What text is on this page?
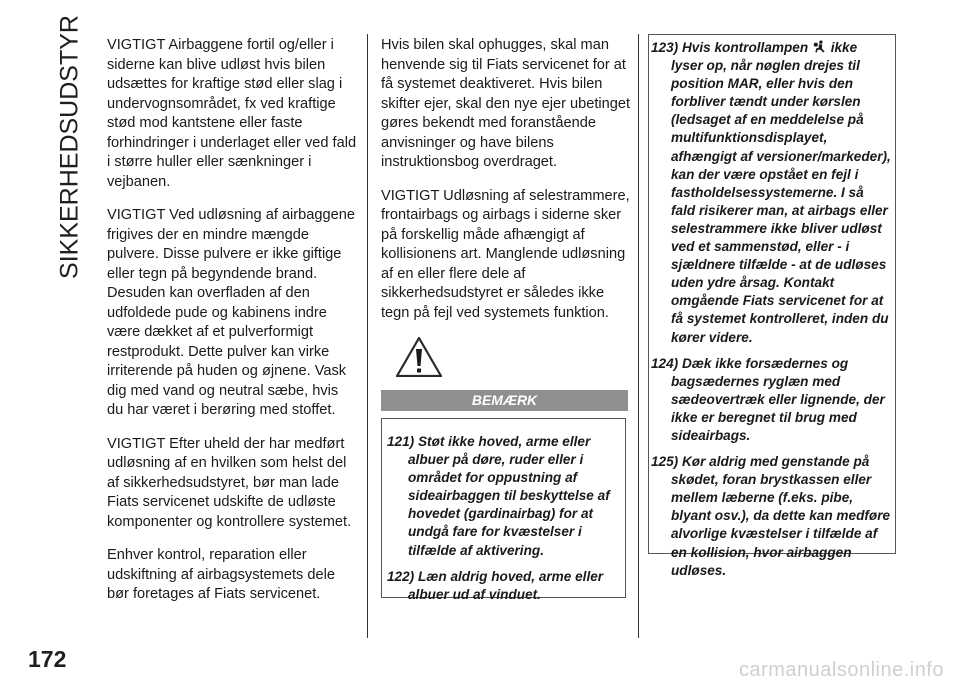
SIKKERHEDSUDSTYR VIGTIGT Airbaggene fortil og/eller i siderne kan blive udløst hvis bilen udsættes for kraftige stød eller slag i undervognsområdet, fx ved kraftige stød mod kantstene eller faste forhindringer i underlaget eller ved fald i større huller eller sænkninger i vejbanen.

VIGTIGT Ved udløsning af airbaggene frigives der en mindre mængde pulvere. Disse pulvere er ikke giftige eller tegn på begyndende brand. Desuden kan overfladen af den udfoldede pude og kabinens indre være dækket af et pulverformigt restprodukt. Dette pulver kan virke irriterende på huden og øjnene. Vask dig med vand og neutral sæbe, hvis du har været i berøring med stoffet.

VIGTIGT Efter uheld der har medført udløsning af en hvilken som helst del af sikkerhedsudstyret, bør man lade Fiats servicenet udskifte de udløste komponenter og kontrollere systemet.

Enhver kontrol, reparation eller udskiftning af airbagsystemets dele bør foretages af Fiats servicenet.

Hvis bilen skal ophugges, skal man henvende sig til Fiats servicenet for at få systemet deaktiveret. Hvis bilen skifter ejer, skal den nye ejer ubetinget gøres bekendt med foranstående anvisninger og have bilens instruktionsbog overdraget.

VIGTIGT Udløsning af selestrammere, frontairbags og airbags i siderne sker på forskellig måde afhængigt af kollisionens art. Manglende udløsning af en eller flere dele af sikkerhedsudstyret er således ikke tegn på fejl ved systemets funktion.

BEMÆRK

121) Støt ikke hoved, arme eller albuer på døre, ruder eller i området for oppustning af sideairbaggen til beskyttelse af hovedet (gardinairbag) for at undgå fare for kvæstelser i tilfælde af aktivering.

122) Læn aldrig hoved, arme eller albuer ud af vinduet.

123) Hvis kontrollampen ikke lyser op, når nøglen drejes til position MAR, eller hvis den forbliver tændt under kørslen (ledsaget af en meddelelse på multifunktionsdisplayet, afhængigt af versioner/markeder), kan der være opstået en fejl i fastholdelsessystemerne. I så fald risikerer man, at airbags eller selestrammere ikke bliver udløst ved et sammenstød, eller - i sjældnere tilfælde - at de udløses uden ydre årsag. Kontakt omgående Fiats servicenet for at få systemet kontrolleret, inden du kører videre.

124) Dæk ikke forsædernes og bagsædernes ryglæn med sædeovertræk eller lignende, der ikke er beregnet til brug med sideairbags.

125) Kør aldrig med genstande på skødet, foran brystkassen eller mellem læberne (f.eks. pibe, blyant osv.), da dette kan medføre alvorlige kvæstelser i tilfælde af en kollision, hvor airbaggen udløses.

172	carmanualsonline.info
